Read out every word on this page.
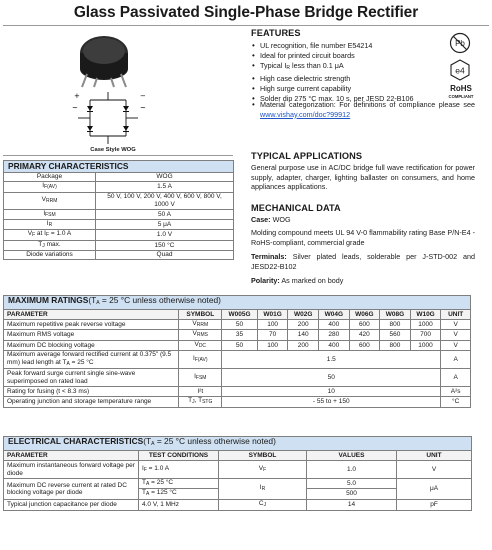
Glass Passivated Single-Phase Bridge Rectifier
~	~
+	−
Case Style WOG
Pb
e4
RoHS
COMPLIANT
FEATURES
• UL recognition, file number E54214
• Ideal for printed circuit boards
• Typical $I_R$ less than 0.1 μA
• High case dielectric strength
• High surge current capability
• Solder dip 275 °C max. 10 s, per JESD 22-B106
• Material categorization: For definitions of compliance please see www.vishay.com/doc?99912
TYPICAL APPLICATIONS
General purpose use in AC/DC bridge full wave rectification for power supply, adapter, charger, lighting ballaster on consumers, and home appliances applications.
MECHANICAL DATA
Case: WOG
Molding compound meets UL 94 V-0 flammability rating Base P/N-E4 - RoHS-compliant, commercial grade
Terminals: Silver plated leads, solderable per J-STD-002 and JESD22-B102
Polarity: As marked on body
PRIMARY CHARACTERISTICS	
Package	WOG
$I_{F(AV)}$	1.5 A
$V_{RRM}$	50 V, 100 V, 200 V, 400 V, 600 V, 800 V, 1000 V
$I_{FSM}$	50 A
$I_R$	5 μA
$V_F$ at $I_F = 1.0$ A	1.0 V
$T_J$ max.	150 °C
Diode variations	Quad
MAXIMUM $RATINGS(T_A = 25$ °C unless otherwise noted)									
PARAMETER	SYMBOL	W005G	W01G	W02G	W04G	W06G	W08G	W10G	UNIT
Maximum repetitive peak reverse voltage	$V_{RRM}$	50	100	200	400	600	800	1000	V
Maximum RMS voltage	$V_{RMS}$	35	70	140	280	420	560	700	V
Maximum DC blocking voltage	$V_{DC}$	50	100	200	400	600	800	1000	V
Maximum average forward rectified current at 0.375" (9.5 mm) lead length at $T_A = 25$ °C	$I_{F(AV)}$	1.5							A
Peak forward surge current single sine-wave superimposed on rated load	$I_{FSM}$	50							A
Rating for fusing (t < 8.3 ms)	I²t	10							A²s
Operating junction and storage temperature range	$T_J$, $T_{STG}$	- 55 to + 150							°C
ELECTRICAL $CHARACTERISTICS(T_A = 25$ °C unless otherwise noted)				
PARAMETER	TEST CONDITIONS	SYMBOL	VALUES	UNIT
Maximum instantaneous forward voltage per diode	$I_F = 1.0$ A	$V_F$	1.0	V
Maximum DC reverse current at rated DC blocking voltage per diode	$T_A = 25$ °C	$I_R$	5.0	μA
	$T_A = 125$ °C		500	
Typical junction capacitance per diode	4.0 V, 1 MHz	$C_J$	14	pF
